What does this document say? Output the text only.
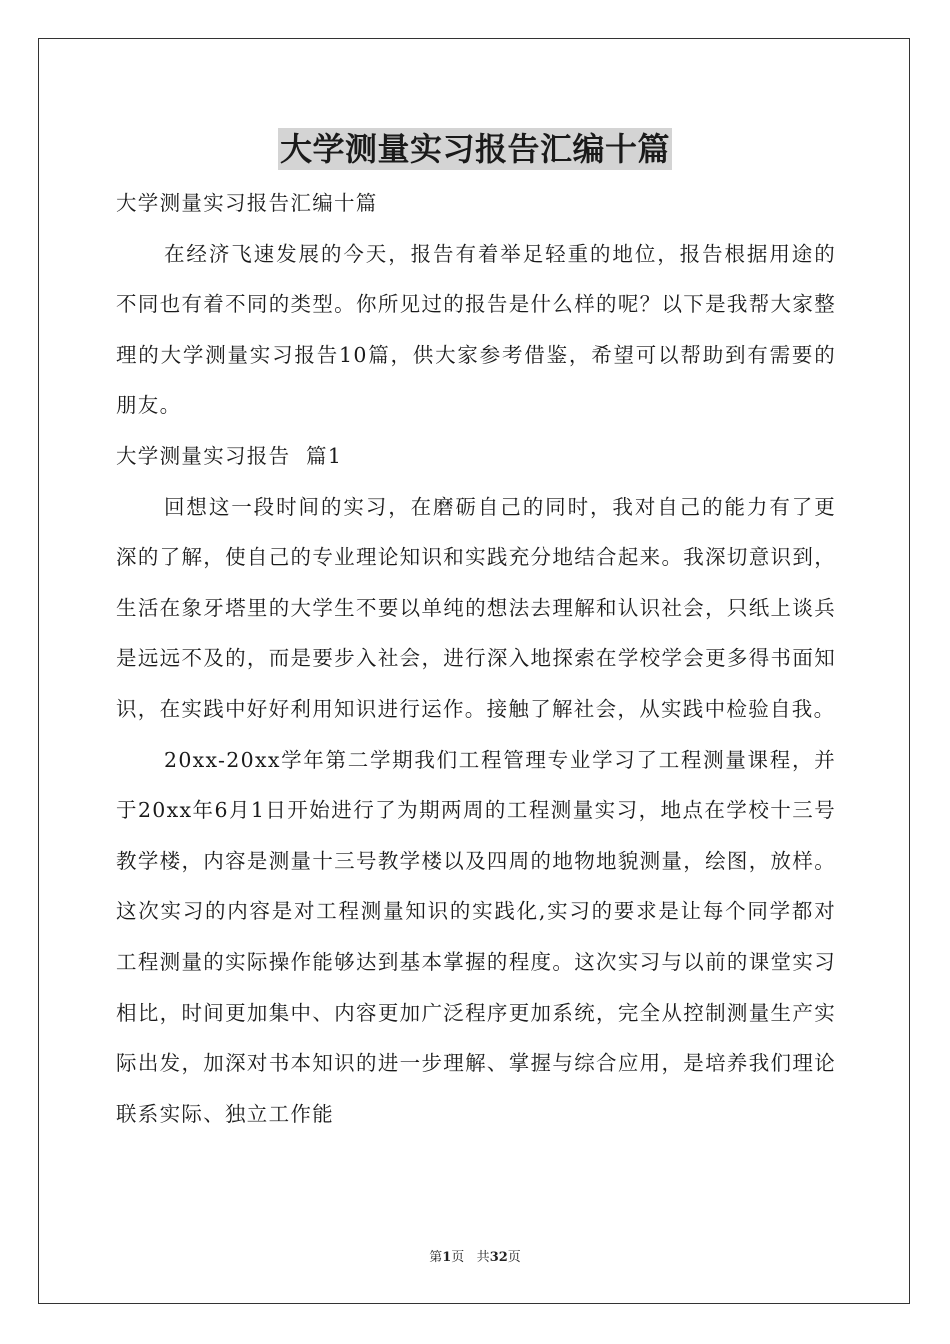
大学测量实习报告汇编十篇

大学测量实习报告汇编十篇

在经济飞速发展的今天，报告有着举足轻重的地位，报告根据用途的不同也有着不同的类型。你所见过的报告是什么样的呢？以下是我帮大家整理的大学测量实习报告10篇，供大家参考借鉴，希望可以帮助到有需要的朋友。

大学测量实习报告  篇1

回想这一段时间的实习，在磨砺自己的同时，我对自己的能力有了更深的了解，使自己的专业理论知识和实践充分地结合起来。我深切意识到，生活在象牙塔里的大学生不要以单纯的想法去理解和认识社会，只纸上谈兵是远远不及的，而是要步入社会，进行深入地探索在学校学会更多得书面知识，在实践中好好利用知识进行运作。接触了解社会，从实践中检验自我。

20xx-20xx学年第二学期我们工程管理专业学习了工程测量课程，并于20xx年6月1日开始进行了为期两周的工程测量实习，地点在学校十三号教学楼，内容是测量十三号教学楼以及四周的地物地貌测量，绘图，放样。这次实习的内容是对工程测量知识的实践化,实习的要求是让每个同学都对工程测量的实际操作能够达到基本掌握的程度。这次实习与以前的课堂实习相比，时间更加集中、内容更加广泛程序更加系统，完全从控制测量生产实际出发，加深对书本知识的进一步理解、掌握与综合应用，是培养我们理论联系实际、独立工作能

第1页 共32页
